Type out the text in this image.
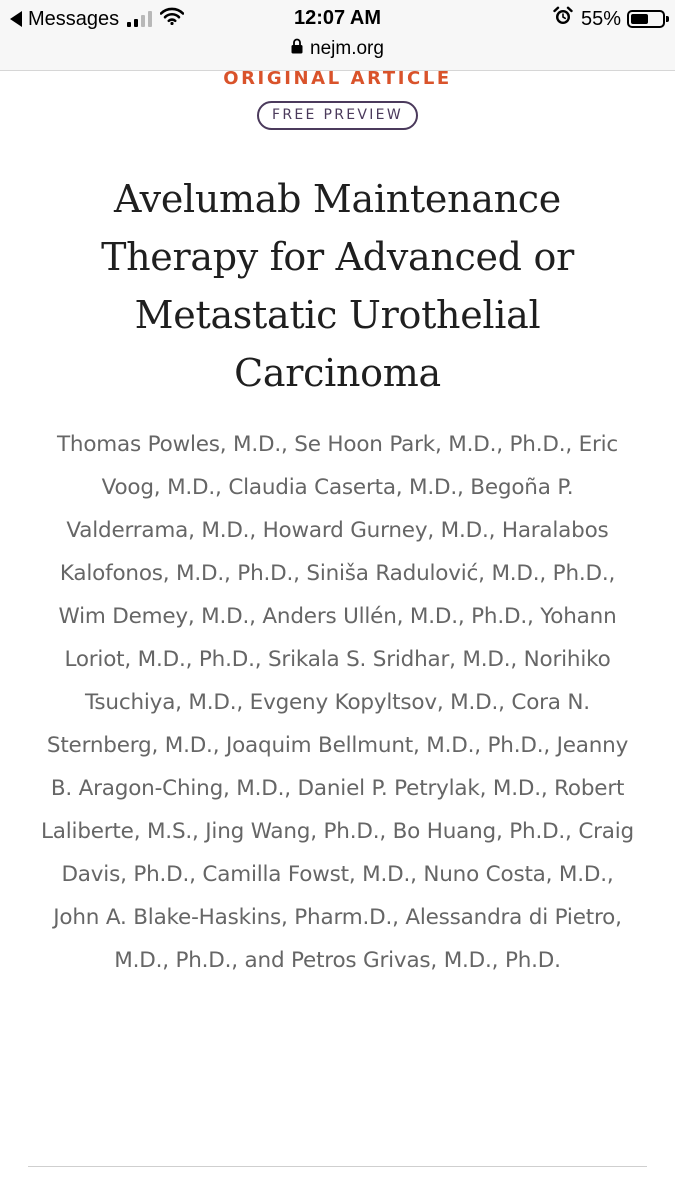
Messages	12:07 AM	55%
nejm.org
ORIGINAL ARTICLE
FREE PREVIEW
Avelumab Maintenance Therapy for Advanced or Metastatic Urothelial Carcinoma

Thomas Powles, M.D., Se Hoon Park, M.D., Ph.D., Eric Voog, M.D., Claudia Caserta, M.D., Begoña P. Valderrama, M.D., Howard Gurney, M.D., Haralabos Kalofonos, M.D., Ph.D., Siniša Radulović, M.D., Ph.D., Wim Demey, M.D., Anders Ullén, M.D., Ph.D., Yohann Loriot, M.D., Ph.D., Srikala S. Sridhar, M.D., Norihiko Tsuchiya, M.D., Evgeny Kopyltsov, M.D., Cora N. Sternberg, M.D., Joaquim Bellmunt, M.D., Ph.D., Jeanny B. Aragon-Ching, M.D., Daniel P. Petrylak, M.D., Robert Laliberte, M.S., Jing Wang, Ph.D., Bo Huang, Ph.D., Craig Davis, Ph.D., Camilla Fowst, M.D., Nuno Costa, M.D., John A. Blake-Haskins, Pharm.D., Alessandra di Pietro, M.D., Ph.D., and Petros Grivas, M.D., Ph.D.
